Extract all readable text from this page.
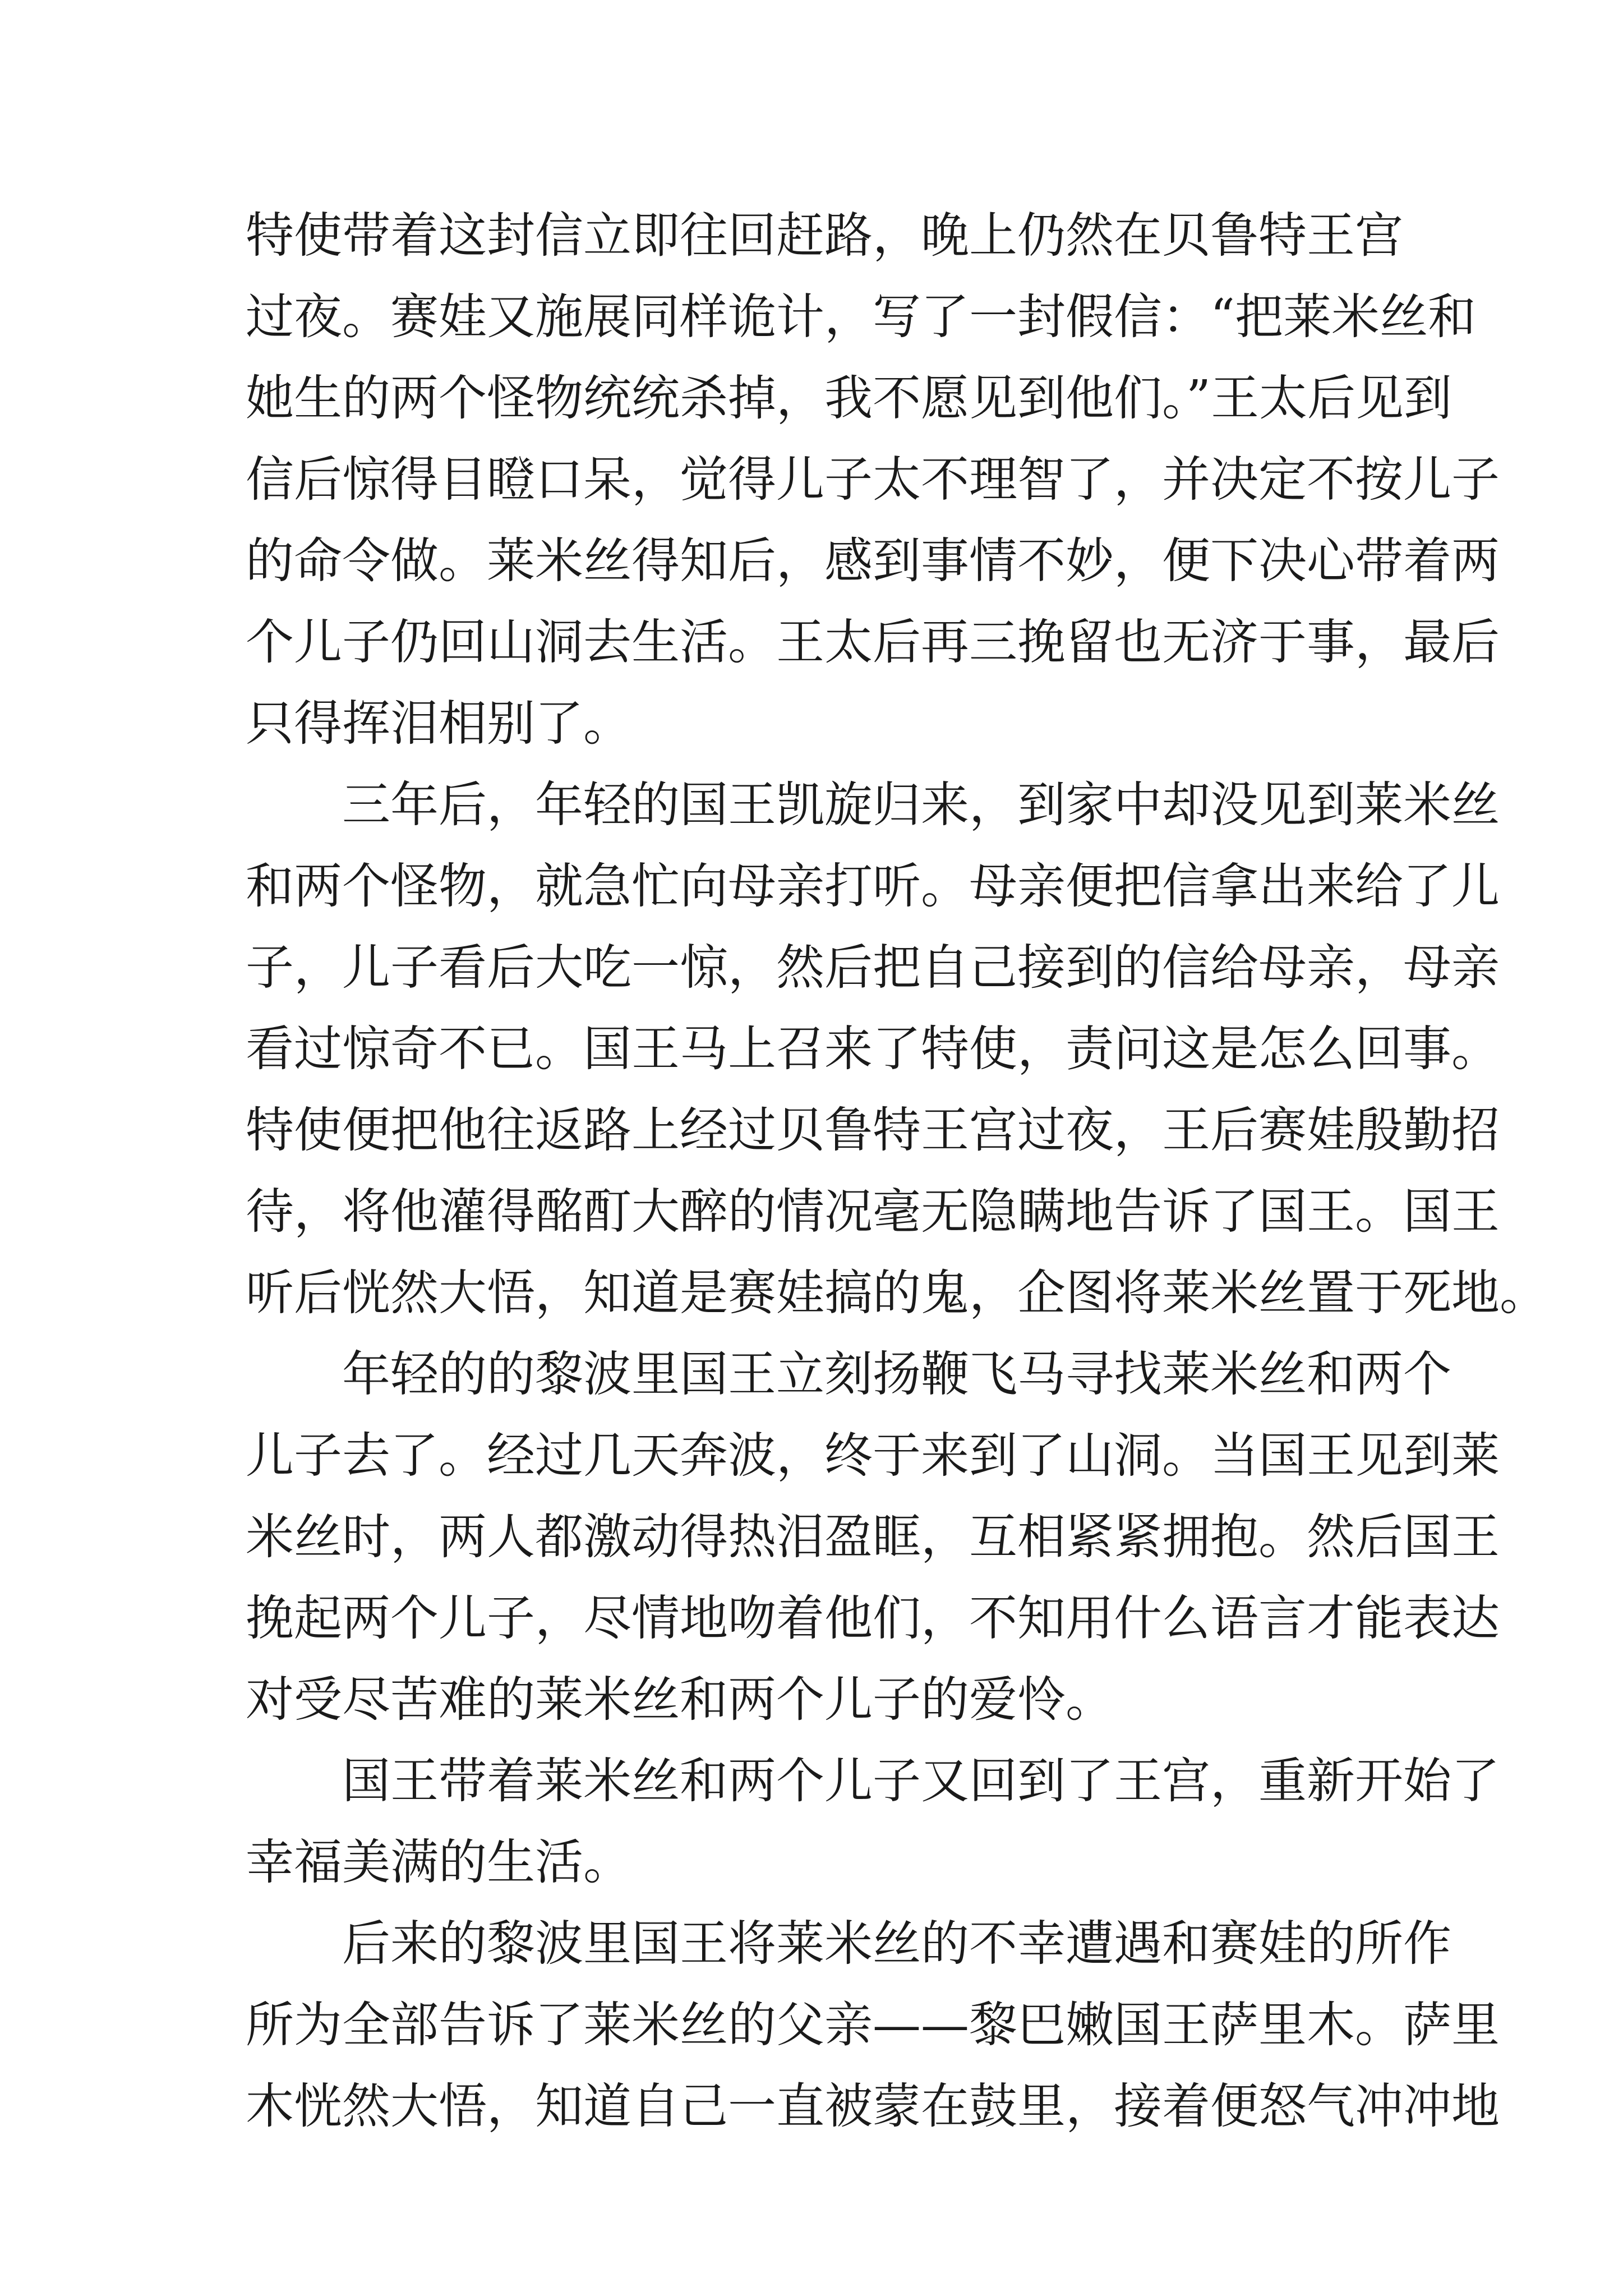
特使带着这封信立即往回赶路，晚上仍然在贝鲁特王宫
过夜。赛娃又施展同样诡计，写了一封假信：“把莱米丝和
她生的两个怪物统统杀掉，我不愿见到他们。”王太后见到
信后惊得目瞪口呆，觉得儿子太不理智了，并决定不按儿子
的命令做。莱米丝得知后，感到事情不妙，便下决心带着两
个儿子仍回山洞去生活。王太后再三挽留也无济于事，最后
只得挥泪相别了。
三年后，年轻的国王凯旋归来，到家中却没见到莱米丝
和两个怪物，就急忙向母亲打听。母亲便把信拿出来给了儿
子，儿子看后大吃一惊，然后把自己接到的信给母亲，母亲
看过惊奇不已。国王马上召来了特使，责问这是怎么回事。
特使便把他往返路上经过贝鲁特王宫过夜，王后赛娃殷勤招
待，将他灌得酩酊大醉的情况毫无隐瞒地告诉了国王。国王
听后恍然大悟，知道是赛娃搞的鬼，企图将莱米丝置于死地。
年轻的的黎波里国王立刻扬鞭飞马寻找莱米丝和两个
儿子去了。经过几天奔波，终于来到了山洞。当国王见到莱
米丝时，两人都激动得热泪盈眶，互相紧紧拥抱。然后国王
挽起两个儿子，尽情地吻着他们，不知用什么语言才能表达
对受尽苦难的莱米丝和两个儿子的爱怜。
国王带着莱米丝和两个儿子又回到了王宫，重新开始了
幸福美满的生活。
后来的黎波里国王将莱米丝的不幸遭遇和赛娃的所作
所为全部告诉了莱米丝的父亲——黎巴嫩国王萨里木。萨里
木恍然大悟，知道自己一直被蒙在鼓里，接着便怒气冲冲地
